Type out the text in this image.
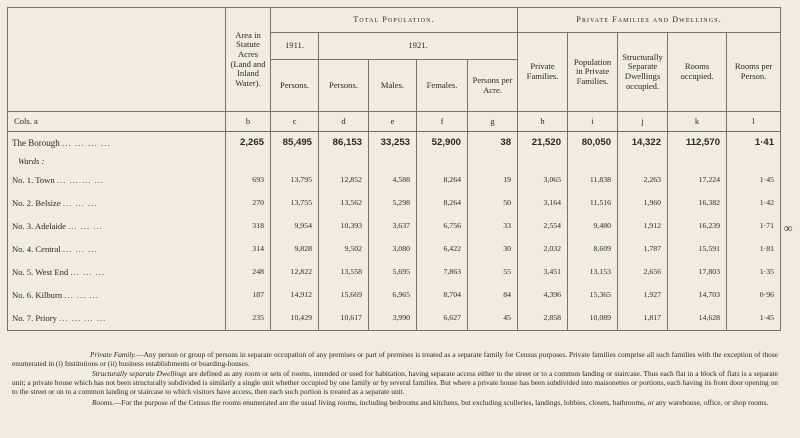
	Area in Statute Acres (Land and Inland Water).	Total Population.					Private Families and Dwellings.				
		1911.	1921.				Private Families.	Population in Private Families.	Structurally Separate Dwellings occupied.	Rooms occupied.	Rooms per Person.
		Persons.	Persons.	Males.	Females.	Persons per Acre.					
Cols. a	b	c	d	e	f	g	h	i	j	k	l
The Borough ... ... ... ...	2,265	85,495	86,153	33,253	52,900	38	21,520	80,050	14,322	112,570	1·41
Wards :											
No. 1. Town ... ... ... ...	693	13,795	12,852	4,588	8,264	19	3,065	11,838	2,263	17,224	1·45
No. 2. Belsize ... ... ...	270	13,755	13,562	5,298	8,264	50	3,164	11,516	1,960	16,382	1·42
No. 3. Adelaide ... ... ...	318	9,954	10,393	3,637	6,756	33	2,554	9,480	1,912	16,239	1·71
No. 4. Central ... ... ...	314	9,828	9,502	3,080	6,422	30	2,032	8,609	1,787	15,591	1·81
No. 5. West End ... ... ...	248	12,822	13,558	5,695	7,863	55	3,451	13,153	2,656	17,803	1·35
No. 6. Kilburn ... ... ...	187	14,912	15,669	6,965	8,704	84	4,396	15,365	1,927	14,703	0·96
No. 7. Priory ... ... ... ...	235	10,429	10,617	3,990	6,627	45	2,858	10,089	1,817	14,628	1·45

Private Family.—Any person or group of persons in separate occupation of any premises or part of premises is treated as a separate family for Census purposes. Private families comprise all such families with the exception of those enumerated in (i) Institutions or (ii) business establishments or boarding-houses.

Structurally separate Dwellings are defined as any room or sets of rooms, intended or used for habitation, having separate access either to the street or to a common landing or staircase. Thus each flat in a block of flats is a separate unit; a private house which has not been structurally subdivided is similarly a single unit whether occupied by one family or by several families. But where a private house has been subdivided into maisonettes or portions, each having its front door opening on to the street or on to a common landing or staircase to which visitors have access, then each such portion is treated as a separate unit.

Rooms.—For the purpose of the Census the rooms enumerated are the usual living rooms, including bedrooms and kitchens, but excluding sculleries, landings, lobbies, closets, bathrooms, or any warehouse, office, or shop rooms.

∞
